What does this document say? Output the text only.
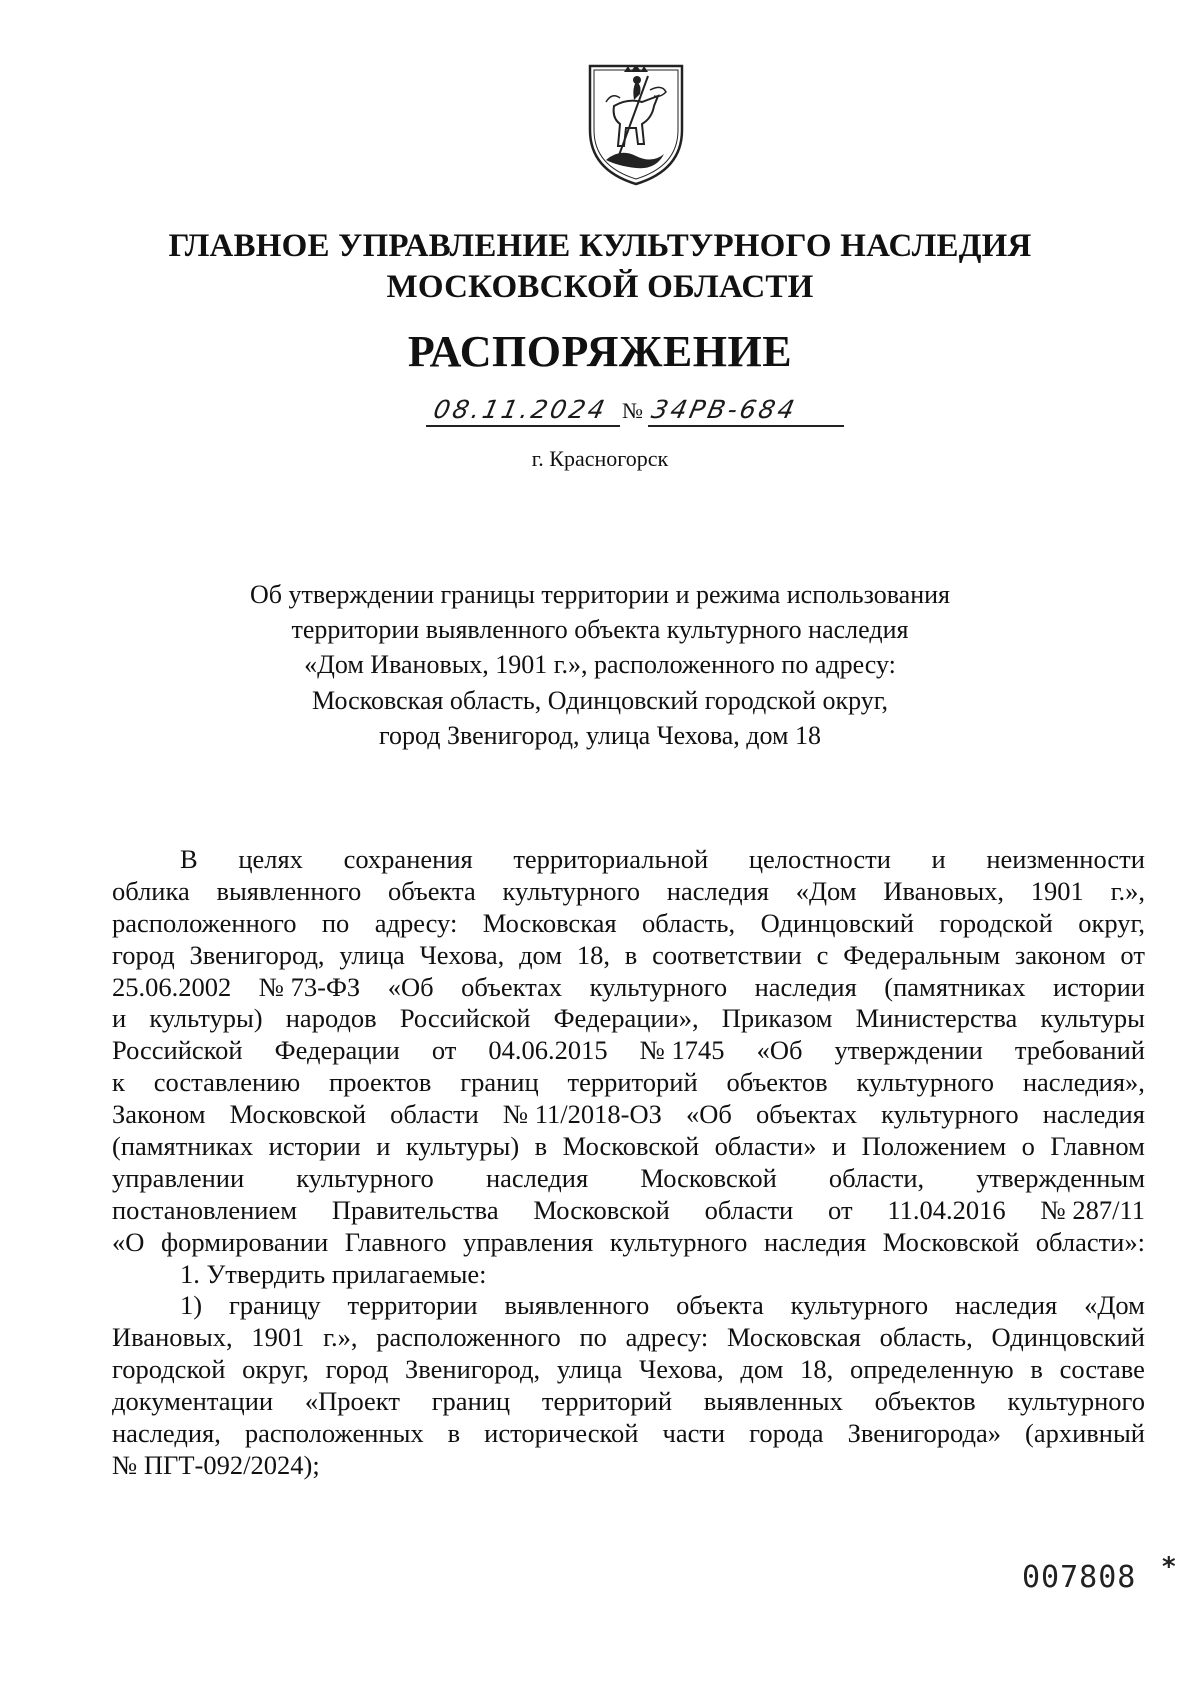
ГЛАВНОЕ УПРАВЛЕНИЕ КУЛЬТУРНОГО НАСЛЕДИЯ
МОСКОВСКОЙ ОБЛАСТИ
РАСПОРЯЖЕНИЕ
08.11.2024 № 34РВ-684
г. Красногорск
Об утверждении границы территории и режима использования
территории выявленного объекта культурного наследия
«Дом Ивановых, 1901 г.», расположенного по адресу:
Московская область, Одинцовский городской округ,
город Звенигород, улица Чехова, дом 18
В целях сохранения территориальной целостности и неизменности
облика выявленного объекта культурного наследия «Дом Ивановых, 1901 г.»,
расположенного по адресу: Московская область, Одинцовский городской округ,
город Звенигород, улица Чехова, дом 18, в соответствии с Федеральным законом от
25.06.2002 № 73-ФЗ «Об объектах культурного наследия (памятниках истории
и культуры) народов Российской Федерации», Приказом Министерства культуры
Российской Федерации от 04.06.2015 № 1745 «Об утверждении требований
к составлению проектов границ территорий объектов культурного наследия»,
Законом Московской области № 11/2018-ОЗ «Об объектах культурного наследия
(памятниках истории и культуры) в Московской области» и Положением о Главном
управлении культурного наследия Московской области, утвержденным
постановлением Правительства Московской области от 11.04.2016 № 287/11
«О формировании Главного управления культурного наследия Московской области»:
1. Утвердить прилагаемые:
1) границу территории выявленного объекта культурного наследия «Дом
Ивановых, 1901 г.», расположенного по адресу: Московская область, Одинцовский
городской округ, город Звенигород, улица Чехова, дом 18, определенную в составе
документации «Проект границ территорий выявленных объектов культурного
наследия, расположенных в исторической части города Звенигорода» (архивный
№ ПГТ-092/2024);
007808 *
